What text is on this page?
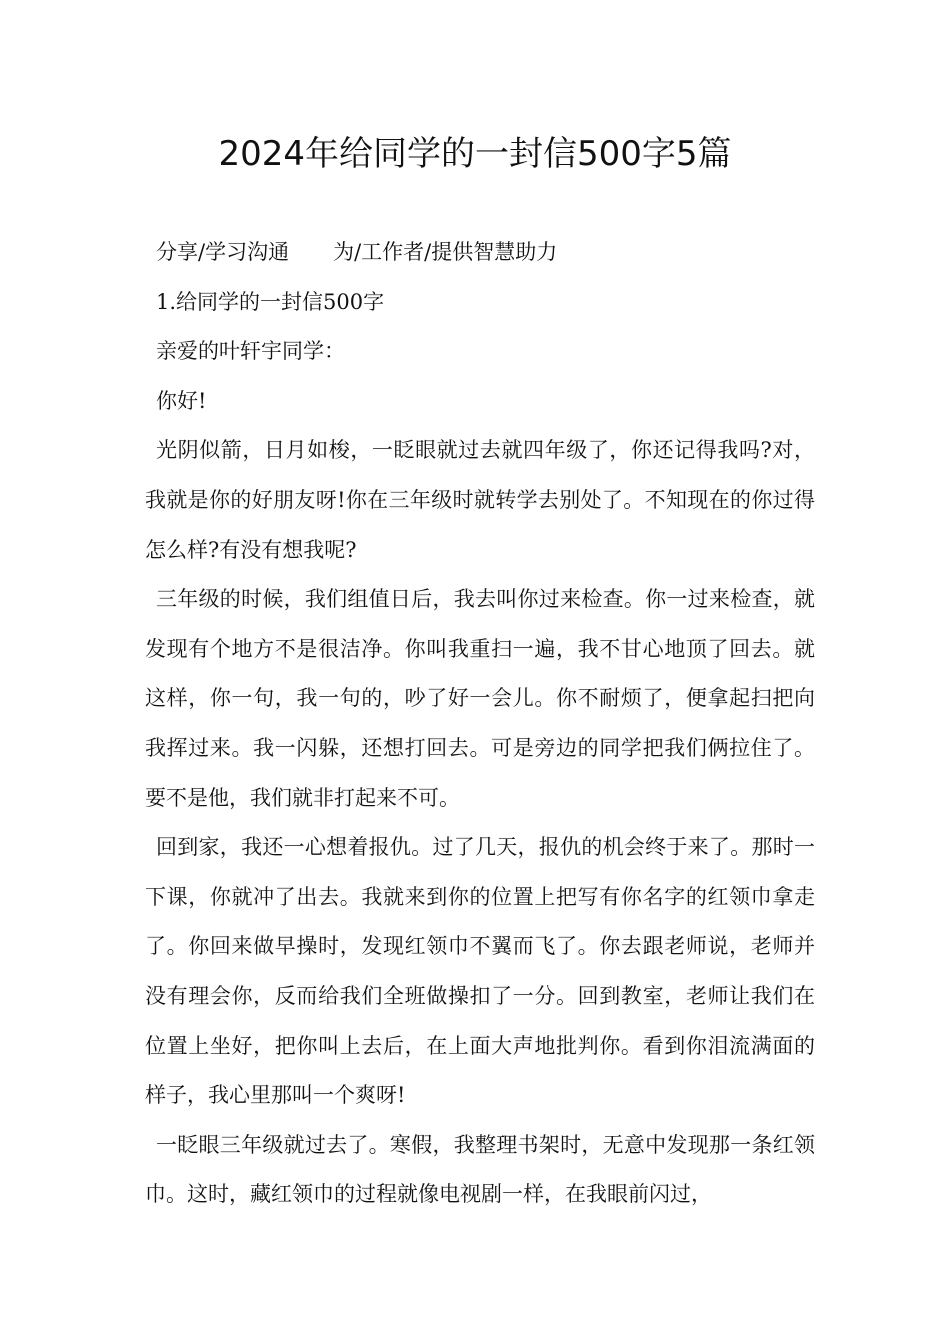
2024年给同学的一封信500字5篇

分享/学习沟通 为/工作者/提供智慧助力

1.给同学的一封信500字

亲爱的叶轩宇同学：

你好!

光阴似箭，日月如梭，一眨眼就过去就四年级了，你还记得我吗?对，我就是你的好朋友呀!你在三年级时就转学去别处了。不知现在的你过得怎么样?有没有想我呢?

三年级的时候，我们组值日后，我去叫你过来检查。你一过来检查，就发现有个地方不是很洁净。你叫我重扫一遍，我不甘心地顶了回去。就这样，你一句，我一句的，吵了好一会儿。你不耐烦了，便拿起扫把向我挥过来。我一闪躲，还想打回去。可是旁边的同学把我们俩拉住了。要不是他，我们就非打起来不可。

回到家，我还一心想着报仇。过了几天，报仇的机会终于来了。那时一下课，你就冲了出去。我就来到你的位置上把写有你名字的红领巾拿走了。你回来做早操时，发现红领巾不翼而飞了。你去跟老师说，老师并没有理会你，反而给我们全班做操扣了一分。回到教室，老师让我们在位置上坐好，把你叫上去后，在上面大声地批判你。看到你泪流满面的样子，我心里那叫一个爽呀!

一眨眼三年级就过去了。寒假，我整理书架时，无意中发现那一条红领巾。这时，藏红领巾的过程就像电视剧一样，在我眼前闪过，
